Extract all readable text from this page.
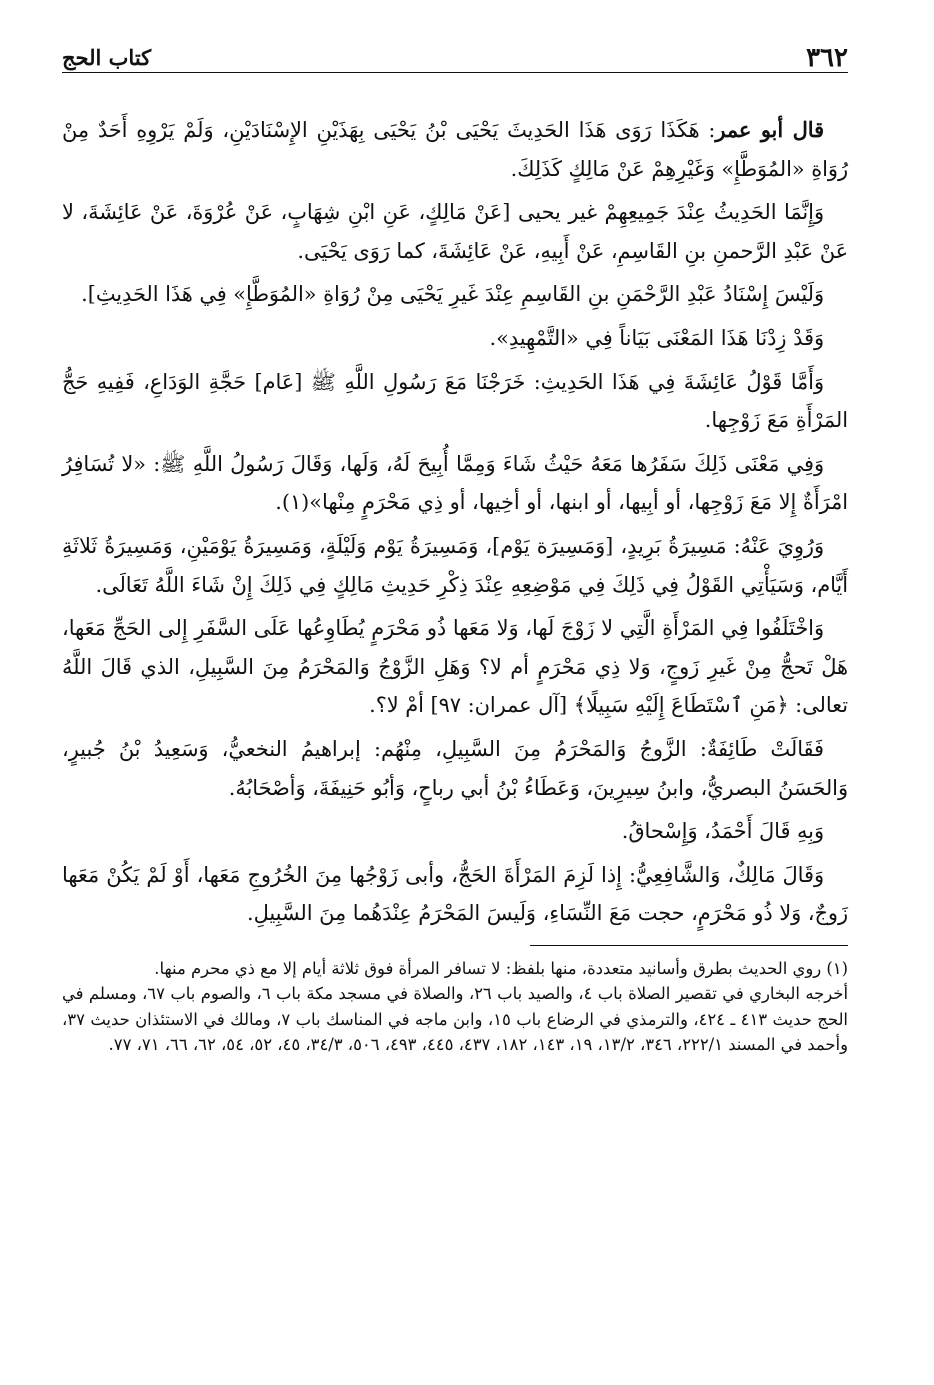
٣٦٢
كتاب الحج

قال أبو عمر: هَكَذَا رَوَى هَذَا الحَدِيثَ يَحْيَى بْنُ يَحْيَى بِهَذَيْنِ الإِسْنَادَيْنِ، وَلَمْ يَرْوِهِ أَحَدٌ مِنْ رُوَاةِ «المُوَطَّإِ» وَغَيْرِهِمْ عَنْ مَالِكٍ كَذَلِكَ.

وَإِنَّمَا الحَدِيثُ عِنْدَ جَمِيعِهِمْ غير يحيى [عَنْ مَالِكٍ، عَنِ ابْنِ شِهَابٍ، عَنْ عُرْوَةَ، عَنْ عَائِشَةَ، لا عَنْ عَبْدِ الرَّحمنِ بنِ القَاسِمِ، عَنْ أَبِيهِ، عَنْ عَائِشَةَ، كما رَوَى يَحْيَى.

وَلَيْسَ إِسْنَادُ عَبْدِ الرَّحْمَنِ بنِ القَاسِمِ عِنْدَ غَيرِ يَحْيَى مِنْ رُوَاةِ «المُوَطَّإِ» فِي هَذَا الحَدِيثِ].

وَقَدْ زِدْنَا هَذَا المَعْنَى بَيَاناً فِي «التَّمْهِيدِ».

وَأَمَّا قَوْلُ عَائِشَةَ فِي هَذَا الحَدِيثِ: خَرَجْنَا مَعَ رَسُولِ اللَّهِ ﷺ [عَام] حَجَّةِ الوَدَاعِ، فَفِيهِ حَجُّ المَرْأَةِ مَعَ زَوْجِها.

وَفِي مَعْنَى ذَلِكَ سَفَرُها مَعَهُ حَيْثُ شَاءَ وَمِمَّا أُبِيحَ لَهُ، وَلَها، وَقَالَ رَسُولُ اللَّهِ ﷺ: «لا تُسَافِرُ امْرَأَةٌ إِلا مَعَ زَوْجِها، أو أبِيها، أو ابنها، أو أخِيها، أو ذِي مَحْرَمٍ مِنْها»(١).

وَرُوِيَ عَنْهُ: مَسِيرَةُ بَرِيدٍ، [وَمَسِيرَة يَوْم]، وَمَسِيرَةُ يَوْم وَلَيْلَةٍ، وَمَسِيرَةُ يَوْمَيْنِ، وَمَسِيرَةُ ثَلاثَةِ أَيَّام، وَسَيَأْتِي القَوْلُ فِي ذَلِكَ فِي مَوْضِعِهِ عِنْدَ ذِكْرِ حَدِيثِ مَالِكٍ فِي ذَلِكَ إِنْ شَاءَ اللَّهُ تَعَالَى.

وَاخْتَلَفُوا فِي المَرْأَةِ الَّتِي لا زَوْجَ لَها، وَلا مَعَها ذُو مَحْرَمٍ يُطَاوِعُها عَلَى السَّفَرِ إِلى الحَجِّ مَعَها، هَلْ تَحجُّ مِنْ غَيرِ زَوجٍ، وَلا ذِي مَحْرَمٍ أم لا؟ وَهَلِ الزَّوْجُ وَالمَحْرَمُ مِنَ السَّبِيلِ، الذي قَالَ اللَّهُ تعالى: ﴿مَنِ ٱسْتَطَاعَ إِلَيْهِ سَبِيلًا﴾ [آل عمران: ٩٧] أمْ لا؟.

فَقَالَتْ طَائِفَةٌ: الزَّوجُ وَالمَحْرَمُ مِنَ السَّبِيلِ، مِنْهُم: إبراهيمُ النخعيُّ، وَسَعِيدُ بْنُ جُبيرٍ، وَالحَسَنُ البصريُّ، وابنُ سِيرِينَ، وَعَطَاءُ بْنُ أبي رباحٍ، وَأبُو حَنِيفَةَ، وَأصْحَابُهُ.

وَبِهِ قَالَ أَحْمَدُ، وَإِسْحاقُ.

وَقَالَ مَالِكٌ، وَالشَّافِعِيُّ: إِذا لَزِمَ المَرْأَةَ الحَجُّ، وأبى زَوْجُها مِنَ الخُرُوجِ مَعَها، أَوْ لَمْ يَكُنْ مَعَها زَوجٌ، وَلا ذُو مَحْرَمٍ، حجت مَعَ النِّسَاءِ، وَلَيسَ المَحْرَمُ عِنْدَهُما مِنَ السَّبِيلِ.

(١) روي الحديث بطرق وأسانيد متعددة، منها بلفظ: لا تسافر المرأة فوق ثلاثة أيام إلا مع ذي محرم منها.

أخرجه البخاري في تقصير الصلاة باب ٤، والصيد باب ٢٦، والصلاة في مسجد مكة باب ٦، والصوم باب ٦٧، ومسلم في الحج حديث ٤١٣ ـ ٤٢٤، والترمذي في الرضاع باب ١٥، وابن ماجه في المناسك باب ٧، ومالك في الاستئذان حديث ٣٧، وأحمد في المسند ٢٢٢/١، ٣٤٦، ١٣/٢، ١٩، ١٤٣، ١٨٢، ٤٣٧، ٤٤٥، ٤٩٣، ٥٠٦، ٣٤/٣، ٤٥، ٥٢، ٥٤، ٦٢، ٦٦، ٧١، ٧٧.
